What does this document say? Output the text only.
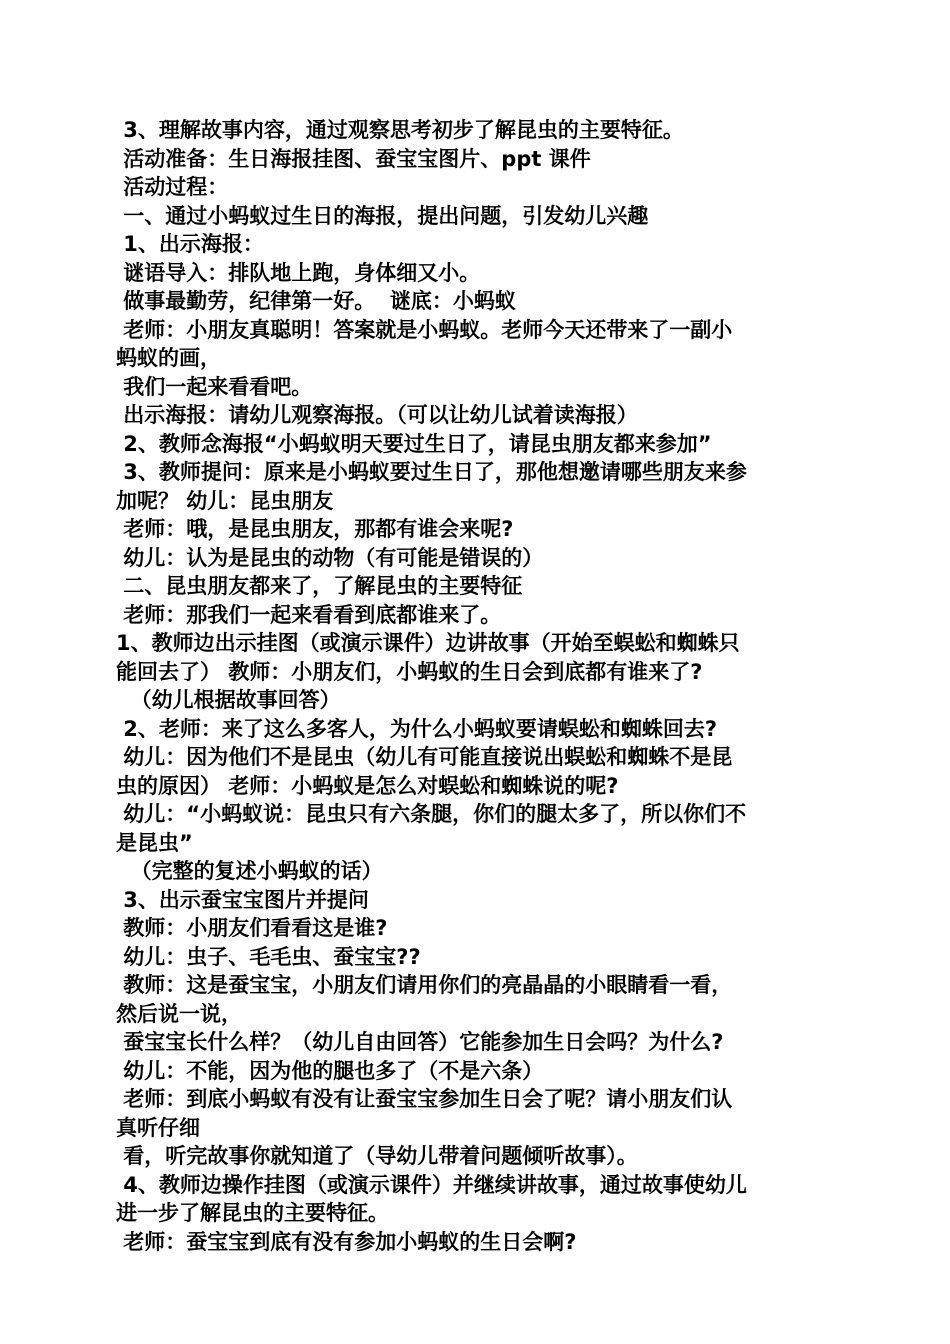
3、理解故事内容，通过观察思考初步了解昆虫的主要特征。

活动准备：生日海报挂图、蚕宝宝图片、ppt 课件

活动过程：

一、通过小蚂蚁过生日的海报，提出问题，引发幼儿兴趣

1、出示海报：

谜语导入：排队地上跑，身体细又小。

做事最勤劳，纪律第一好。  谜底：小蚂蚁

老师：小朋友真聪明！答案就是小蚂蚁。老师今天还带来了一副小

蚂蚁的画，

我们一起来看看吧。

出示海报：请幼儿观察海报。（可以让幼儿试着读海报）

2、教师念海报“小蚂蚁明天要过生日了，请昆虫朋友都来参加”

3、教师提问：原来是小蚂蚁要过生日了，那他想邀请哪些朋友来参

加呢？ 幼儿：昆虫朋友

老师：哦，是昆虫朋友，那都有谁会来呢?

幼儿：认为是昆虫的动物（有可能是错误的）

二、昆虫朋友都来了，了解昆虫的主要特征

老师：那我们一起来看看到底都谁来了。

1、教师边出示挂图（或演示课件）边讲故事（开始至蜈蚣和蜘蛛只

能回去了） 教师：小朋友们，小蚂蚁的生日会到底都有谁来了?

（幼儿根据故事回答）

2、老师：来了这么多客人，为什么小蚂蚁要请蜈蚣和蜘蛛回去?

幼儿：因为他们不是昆虫（幼儿有可能直接说出蜈蚣和蜘蛛不是昆

虫的原因） 老师：小蚂蚁是怎么对蜈蚣和蜘蛛说的呢?

幼儿：“小蚂蚁说：昆虫只有六条腿，你们的腿太多了，所以你们不

是昆虫”

（完整的复述小蚂蚁的话）

3、出示蚕宝宝图片并提问

教师：小朋友们看看这是谁?

幼儿：虫子、毛毛虫、蚕宝宝??

教师：这是蚕宝宝，小朋友们请用你们的亮晶晶的小眼睛看一看，

然后说一说，

蚕宝宝长什么样？（幼儿自由回答）它能参加生日会吗？为什么?

幼儿：不能，因为他的腿也多了（不是六条）

老师：到底小蚂蚁有没有让蚕宝宝参加生日会了呢？请小朋友们认

真听仔细

看，听完故事你就知道了（导幼儿带着问题倾听故事）。

4、教师边操作挂图（或演示课件）并继续讲故事，通过故事使幼儿

进一步了解昆虫的主要特征。

老师：蚕宝宝到底有没有参加小蚂蚁的生日会啊?
